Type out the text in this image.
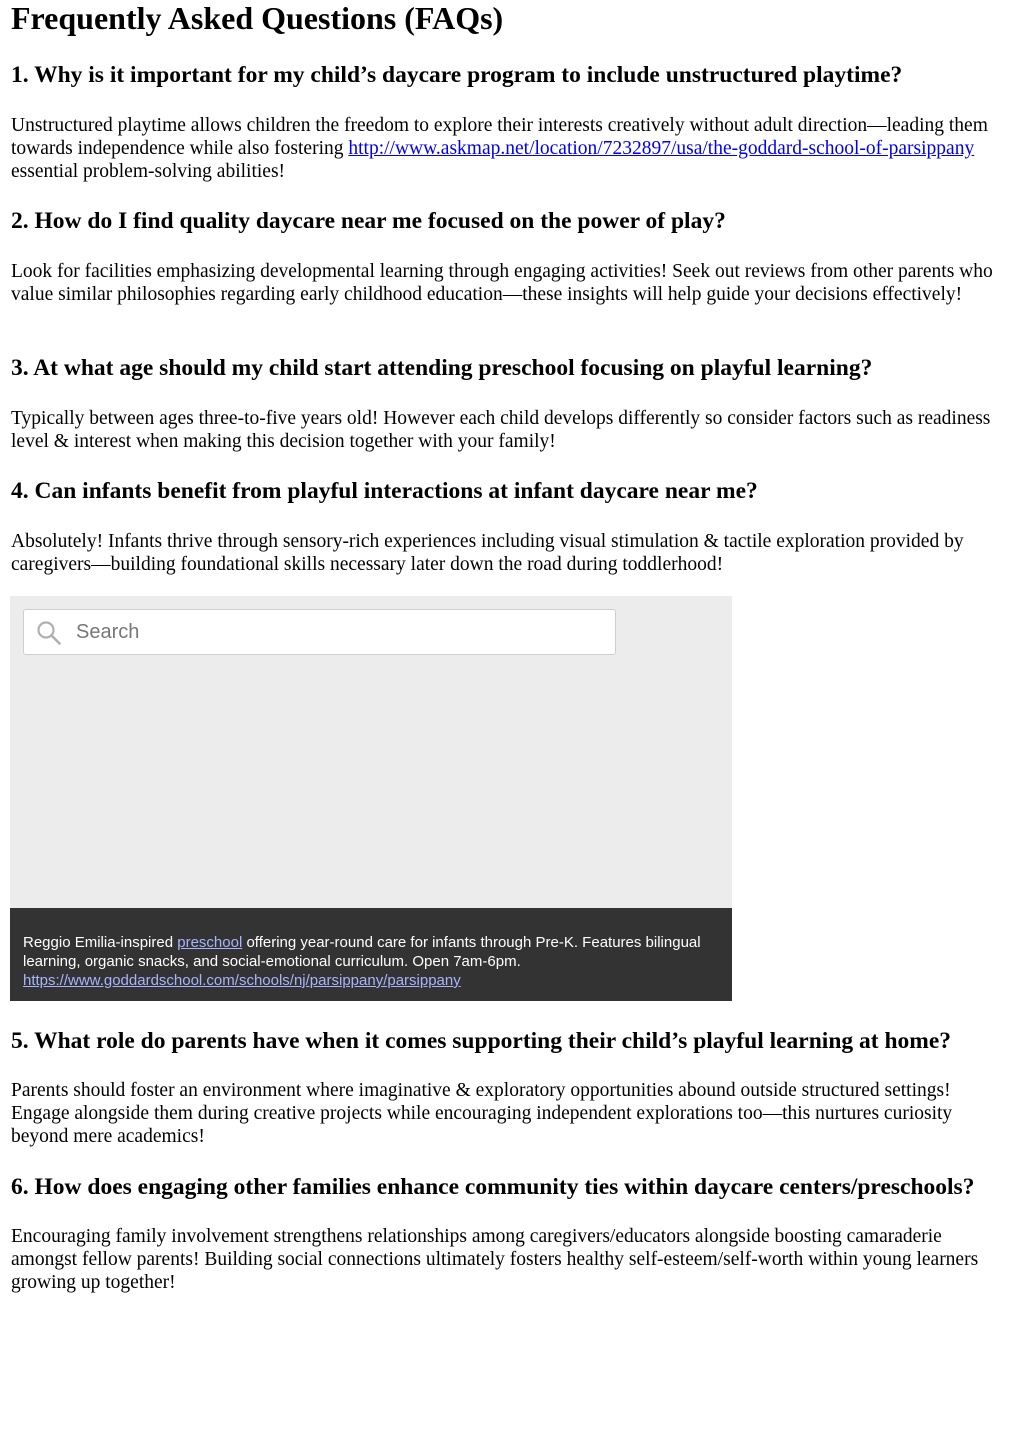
Frequently Asked Questions (FAQs)
1. Why is it important for my child’s daycare program to include unstructured playtime?

Unstructured playtime allows children the freedom to explore their interests creatively without adult direction—leading them towards independence while also fostering http://www.askmap.net/location/7232897/usa/the-goddard-school-of-parsippany essential problem-solving abilities!

2. How do I find quality daycare near me focused on the power of play?

Look for facilities emphasizing developmental learning through engaging activities! Seek out reviews from other parents who value similar philosophies regarding early childhood education—these insights will help guide your decisions effectively!

3. At what age should my child start attending preschool focusing on playful learning?

Typically between ages three-to-five years old! However each child develops differently so consider factors such as readiness level & interest when making this decision together with your family!

4. Can infants benefit from playful interactions at infant daycare near me?

Absolutely! Infants thrive through sensory-rich experiences including visual stimulation & tactile exploration provided by caregivers—building foundational skills necessary later down the road during toddlerhood!

5. What role do parents have when it comes supporting their child’s playful learning at home?

Parents should foster an environment where imaginative & exploratory opportunities abound outside structured settings! Engage alongside them during creative projects while encouraging independent explorations too—this nurtures curiosity beyond mere academics!

6. How does engaging other families enhance community ties within daycare centers/preschools?

Encouraging family involvement strengthens relationships among caregivers/educators alongside boosting camaraderie amongst fellow parents! Building social connections ultimately fosters healthy self-esteem/self-worth within young learners growing up together!

Search
Reggio Emilia-inspired preschool offering year-round care for infants through Pre-K. Features bilingual learning, organic snacks, and social-emotional curriculum. Open 7am-6pm.
https://www.goddardschool.com/schools/nj/parsippany/parsippany
